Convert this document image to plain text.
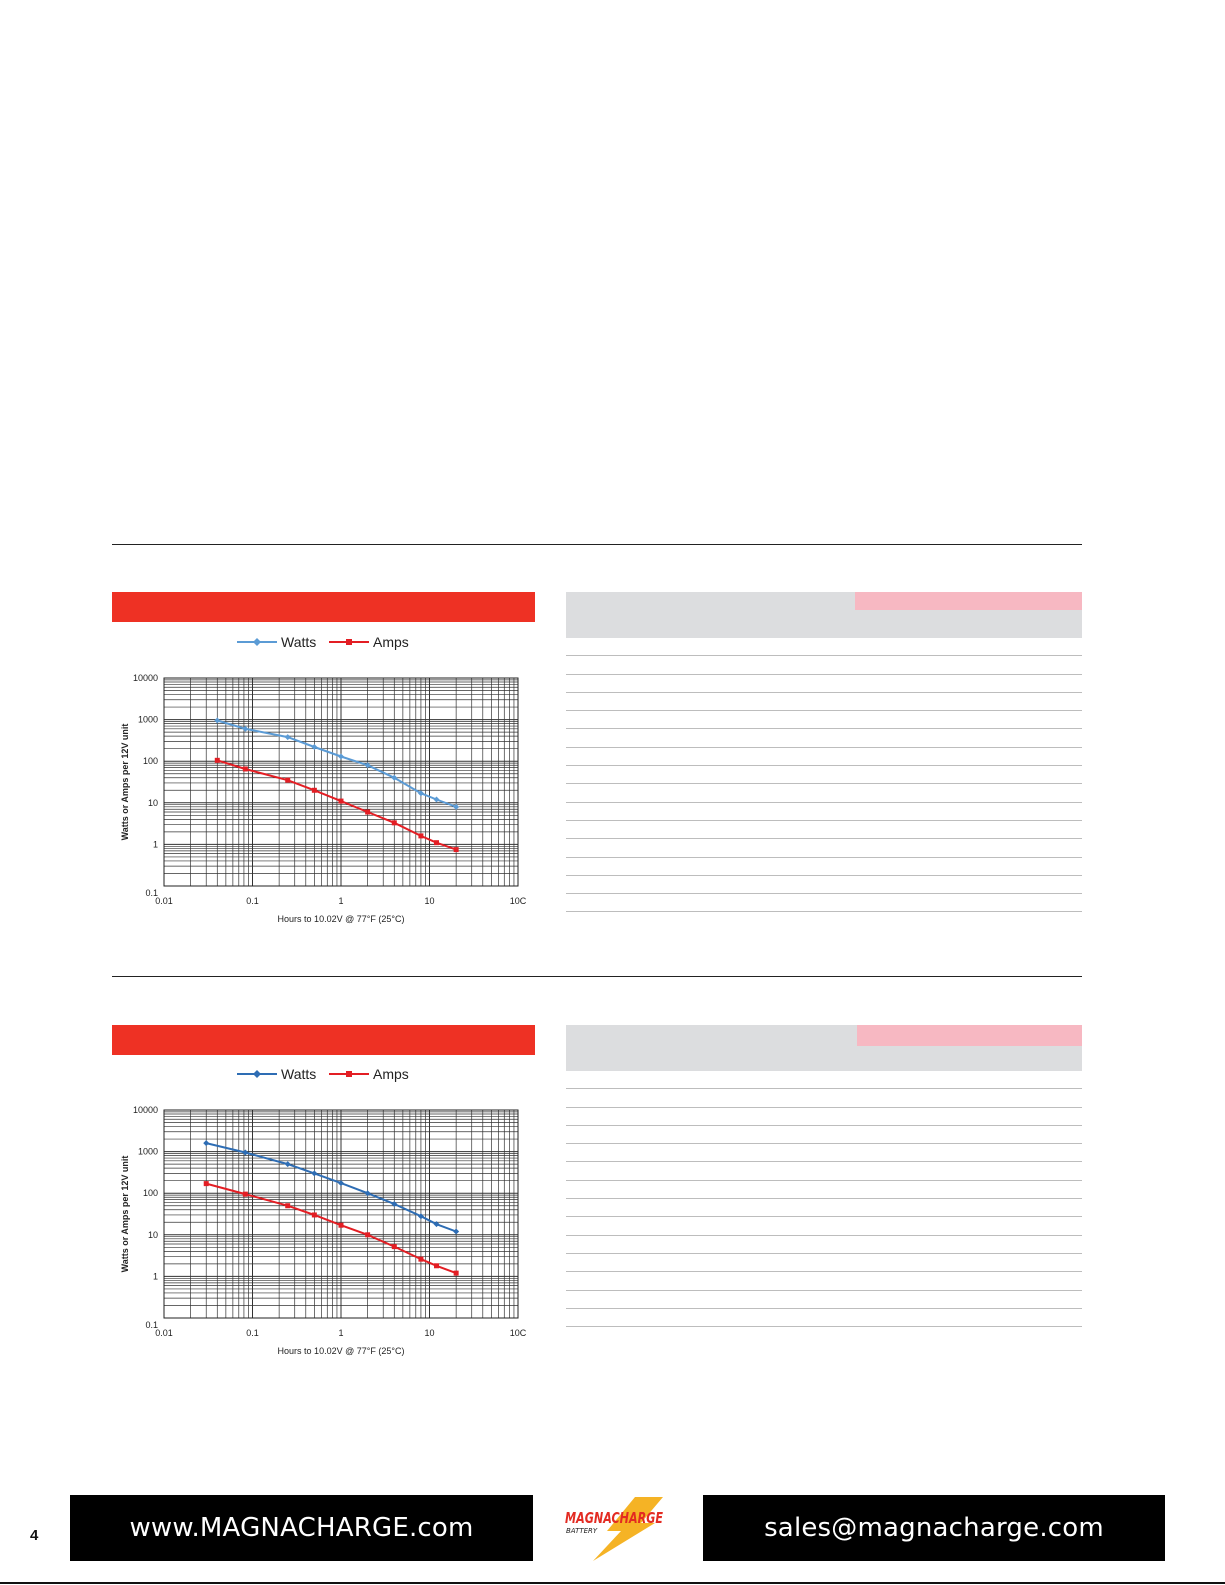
Watts	Amps
0.01	0.1	1	10	10C
0.1
1
10
100
1000
10000
Hours to 10.02V @ 77°F (25°C)
Watts or Amps per 12V unit
Watts	Amps
0.01	0.1	1	10	10C
0.1
1
10
100
1000
10000
Hours to 10.02V @ 77°F (25°C)
Watts or Amps per 12V unit
4	www.MAGNACHARGE.com	MAGNACHARGE
BATTERY	sales@magnacharge.com
